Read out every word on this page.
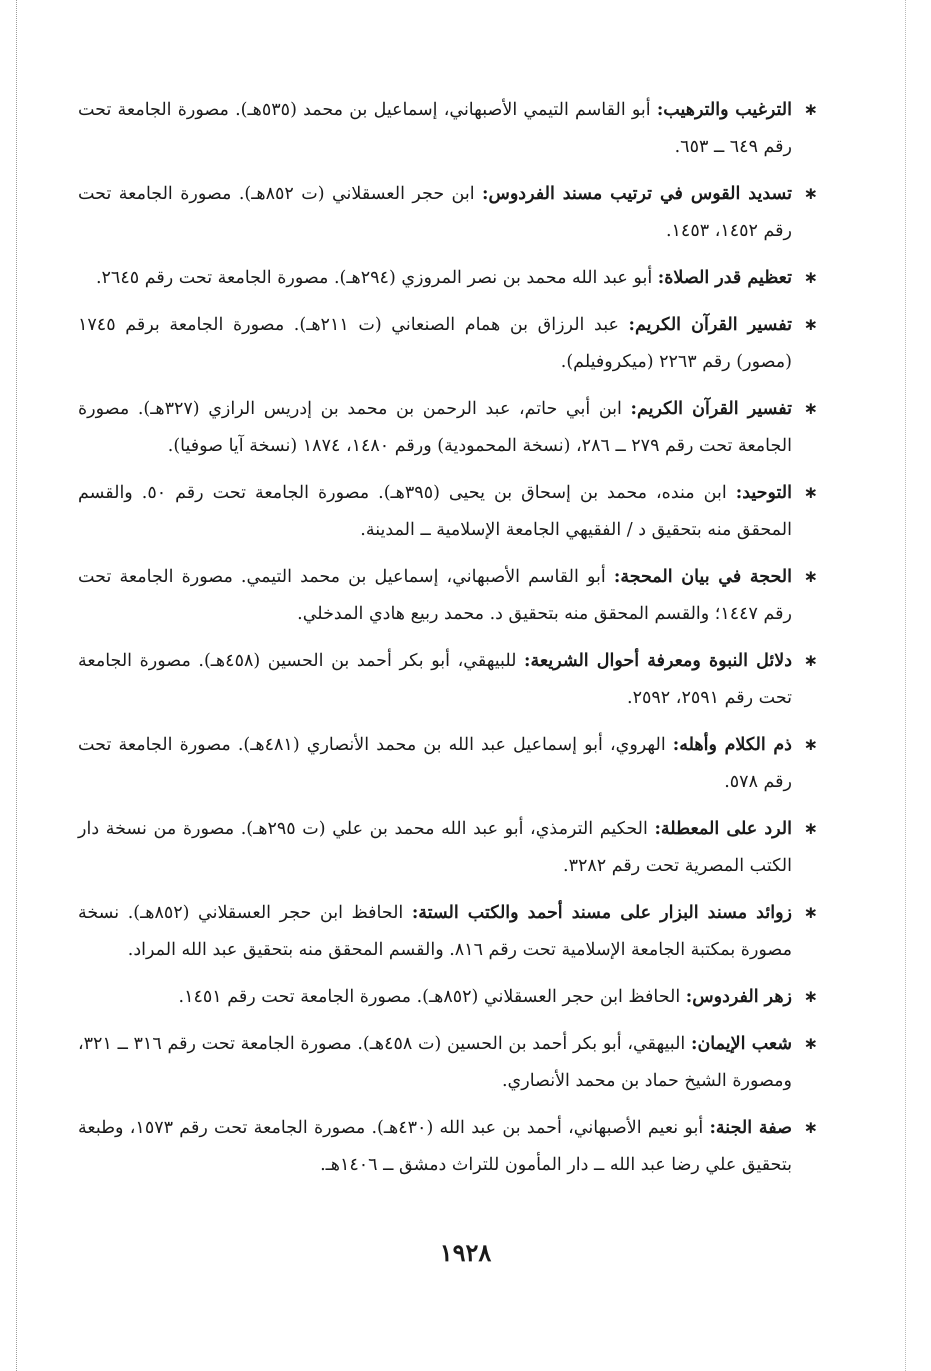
∗
الترغيب والترهيب: أبو القاسم التيمي الأصبهاني، إسماعيل بن محمد (٥٣٥هـ). مصورة الجامعة تحت رقم ٦٤٩ ــ ٦٥٣.
∗
تسديد القوس في ترتيب مسند الفردوس: ابن حجر العسقلاني (ت ٨٥٢هـ). مصورة الجامعة تحت رقم ١٤٥٢، ١٤٥٣.
∗
تعظيم قدر الصلاة: أبو عبد الله محمد بن نصر المروزي (٢٩٤هـ). مصورة الجامعة تحت رقم ٢٦٤٥.
∗
تفسير القرآن الكريم: عبد الرزاق بن همام الصنعاني (ت ٢١١هـ). مصورة الجامعة برقم ١٧٤٥ (مصور) رقم ٢٢٦٣ (ميكروفيلم).
∗
تفسير القرآن الكريم: ابن أبي حاتم، عبد الرحمن بن محمد بن إدريس الرازي (٣٢٧هـ). مصورة الجامعة تحت رقم ٢٧٩ ــ ٢٨٦، (نسخة المحمودية) ورقم ١٤٨٠، ١٨٧٤ (نسخة آيا صوفيا).
∗
التوحيد: ابن منده، محمد بن إسحاق بن يحيى (٣٩٥هـ). مصورة الجامعة تحت رقم ٥٠. والقسم المحقق منه بتحقيق د / الفقيهي الجامعة الإسلامية ــ المدينة.
∗
الحجة في بيان المحجة: أبو القاسم الأصبهاني، إسماعيل بن محمد التيمي. مصورة الجامعة تحت رقم ١٤٤٧؛ والقسم المحقق منه بتحقيق د. محمد ربيع هادي المدخلي.
∗
دلائل النبوة ومعرفة أحوال الشريعة: للبيهقي، أبو بكر أحمد بن الحسين (٤٥٨هـ). مصورة الجامعة تحت رقم ٢٥٩١، ٢٥٩٢.
∗
ذم الكلام وأهله: الهروي، أبو إسماعيل عبد الله بن محمد الأنصاري (٤٨١هـ). مصورة الجامعة تحت رقم ٥٧٨.
∗
الرد على المعطلة: الحكيم الترمذي، أبو عبد الله محمد بن علي (ت ٢٩٥هـ). مصورة من نسخة دار الكتب المصرية تحت رقم ٣٢٨٢.
∗
زوائد مسند البزار على مسند أحمد والكتب الستة: الحافظ ابن حجر العسقلاني (٨٥٢هـ). نسخة مصورة بمكتبة الجامعة الإسلامية تحت رقم ٨١٦. والقسم المحقق منه بتحقيق عبد الله المراد.
∗
زهر الفردوس: الحافظ ابن حجر العسقلاني (٨٥٢هـ). مصورة الجامعة تحت رقم ١٤٥١.
∗
شعب الإيمان: البيهقي، أبو بكر أحمد بن الحسين (ت ٤٥٨هـ). مصورة الجامعة تحت رقم ٣١٦ ــ ٣٢١، ومصورة الشيخ حماد بن محمد الأنصاري.
∗
صفة الجنة: أبو نعيم الأصبهاني، أحمد بن عبد الله (٤٣٠هـ). مصورة الجامعة تحت رقم ١٥٧٣، وطبعة بتحقيق علي رضا عبد الله ــ دار المأمون للتراث دمشق ــ ١٤٠٦هـ.
١٩٢٨
